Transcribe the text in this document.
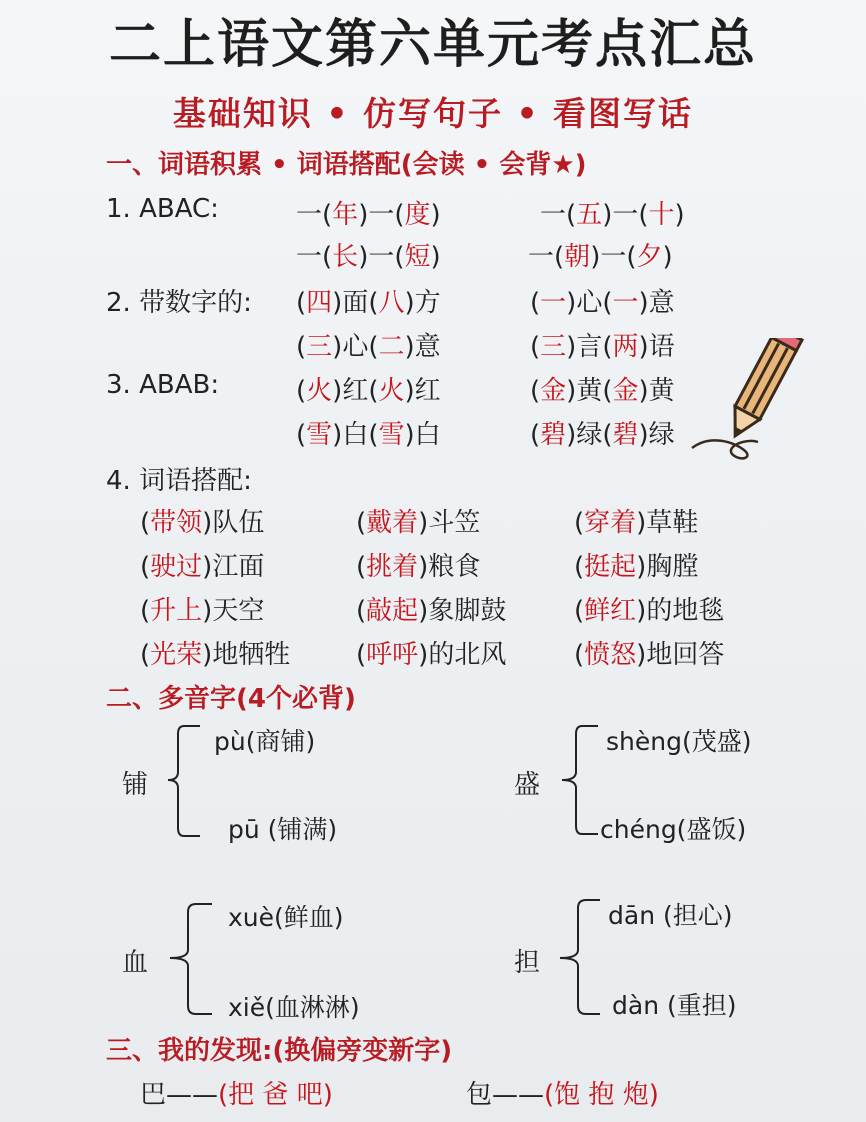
二上语文第六单元考点汇总
基础知识 • 仿写句子 • 看图写话
一、词语积累 • 词语搭配(会读 • 会背★)
1. ABAC:	一(年)一(度)	一(五)一(十)
一(长)一(短)	一(朝)一(夕)
2. 带数字的: (四)面(八)方	(一)心(一)意
(三)心(二)意	(三)言(两)语
3. ABAB:	(火)红(火)红	(金)黄(金)黄
(雪)白(雪)白	(碧)绿(碧)绿
4. 词语搭配:
(带领)队伍	(戴着)斗笠	(穿着)草鞋
(驶过)江面	(挑着)粮食	(挺起)胸膛
(升上)天空	(敲起)象脚鼓	(鲜红)的地毯
(光荣)地牺牲	(呼呼)的北风	(愤怒)地回答
二、多音字(4个必背)
铺
pù(商铺)
pū (铺满)
盛
shèng(茂盛)
chéng(盛饭)
血
xuè(鲜血)
xiě(血淋淋)
担
dān (担心)
dàn (重担)
三、我的发现:(换偏旁变新字)
巴——(把 爸 吧)	包——(饱 抱 炮)
